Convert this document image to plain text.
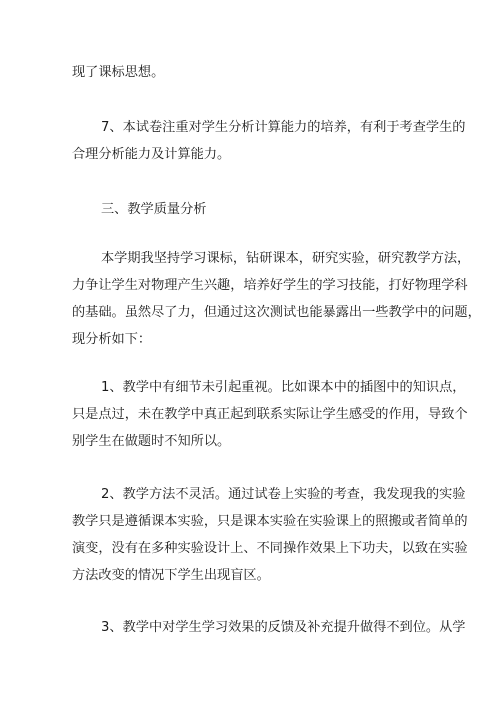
现了课标思想。

7、本试卷注重对学生分析计算能力的培养，有利于考查学生的
合理分析能力及计算能力。

三、教学质量分析

本学期我坚持学习课标，钻研课本，研究实验，研究教学方法，
力争让学生对物理产生兴趣，培养好学生的学习技能，打好物理学科
的基础。虽然尽了力，但通过这次测试也能暴露出一些教学中的问题，
现分析如下：

1、教学中有细节未引起重视。比如课本中的插图中的知识点，
只是点过，未在教学中真正起到联系实际让学生感受的作用，导致个
别学生在做题时不知所以。

2、教学方法不灵活。通过试卷上实验的考查，我发现我的实验
教学只是遵循课本实验，只是课本实验在实验课上的照搬或者简单的
演变，没有在多种实验设计上、不同操作效果上下功夫，以致在实验
方法改变的情况下学生出现盲区。

3、教学中对学生学习效果的反馈及补充提升做得不到位。从学
